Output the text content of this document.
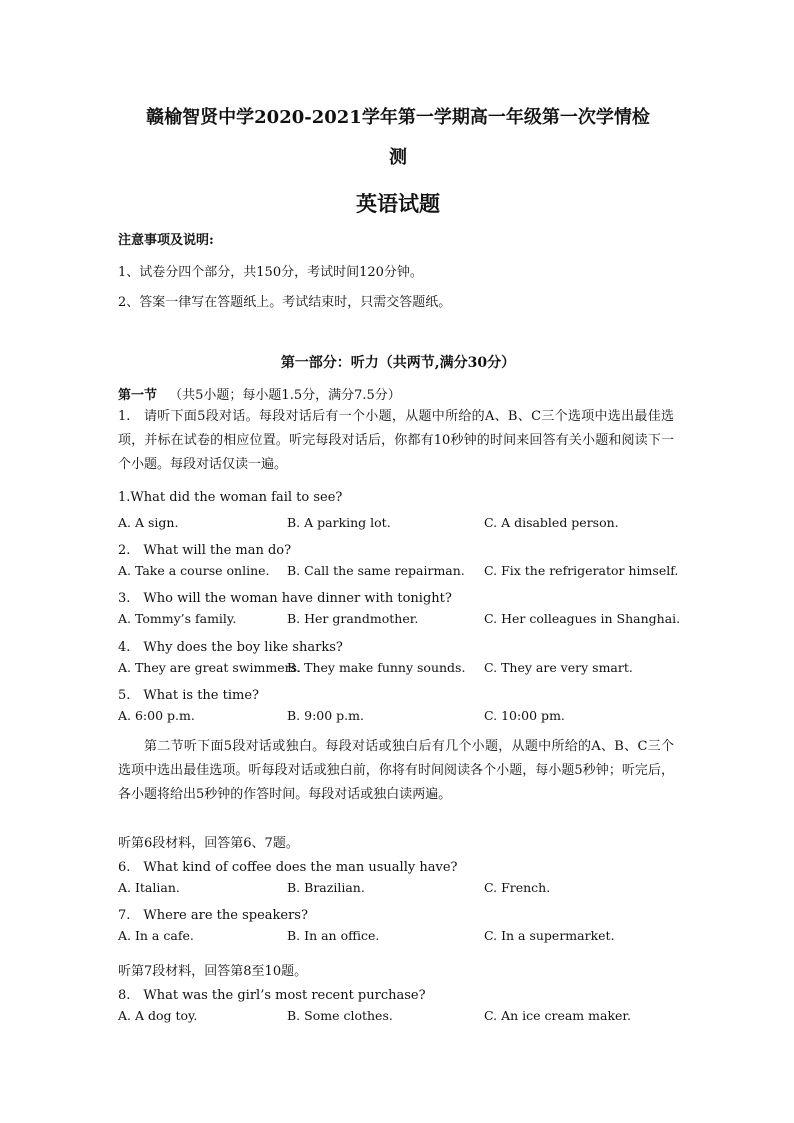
赣榆智贤中学2020-2021学年第一学期高一年级第一次学情检
测
英语试题
注意事项及说明:
1、试卷分四个部分，共150分，考试时间120分钟。
2、答案一律写在答题纸上。考试结束时，只需交答题纸。
第一部分：听力（共两节,满分30分）
第一节 （共5小题；每小题1.5分，满分7.5分）
1.　请听下面5段对话。每段对话后有一个小题，从题中所给的A、B、C三个选项中选出最佳选项，并标在试卷的相应位置。听完每段对话后，你都有10秒钟的时间来回答有关小题和阅读下一个小题。每段对话仅读一遍。
1.What did the woman fail to see?
A. A sign.	B. A parking lot.	C. A disabled person.
2.　What will the man do?
A. Take a course online. B. Call the same repairman. C. Fix the refrigerator himself.
3.　Who will the woman have dinner with tonight?
A. Tommy’s family.	B. Her grandmother.	C. Her colleagues in Shanghai.
4.　Why does the boy like sharks?
A. They are great swimmers.
B. They make funny sounds. C. They are very smart.
5.　What is the time?
A. 6:00 p.m.	B. 9:00 p.m.	C. 10:00 pm.
第二节听下面5段对话或独白。每段对话或独白后有几个小题，从题中所给的A、B、C三个选项中选出最佳选项。听每段对话或独白前，你将有时间阅读各个小题，每小题5秒钟；听完后，各小题将给出5秒钟的作答时间。每段对话或独白读两遍。
听第6段材料，回答第6、7题。
6.　What kind of coffee does the man usually have?
A. Italian.	B. Brazilian.	C. French.
7.　Where are the speakers?
A. In a cafe.	B. In an office.	C. In a supermarket.
听第7段材料，回答第8至10题。
8.　What was the girl’s most recent purchase?
A. A dog toy.	B. Some clothes.	C. An ice cream maker.
